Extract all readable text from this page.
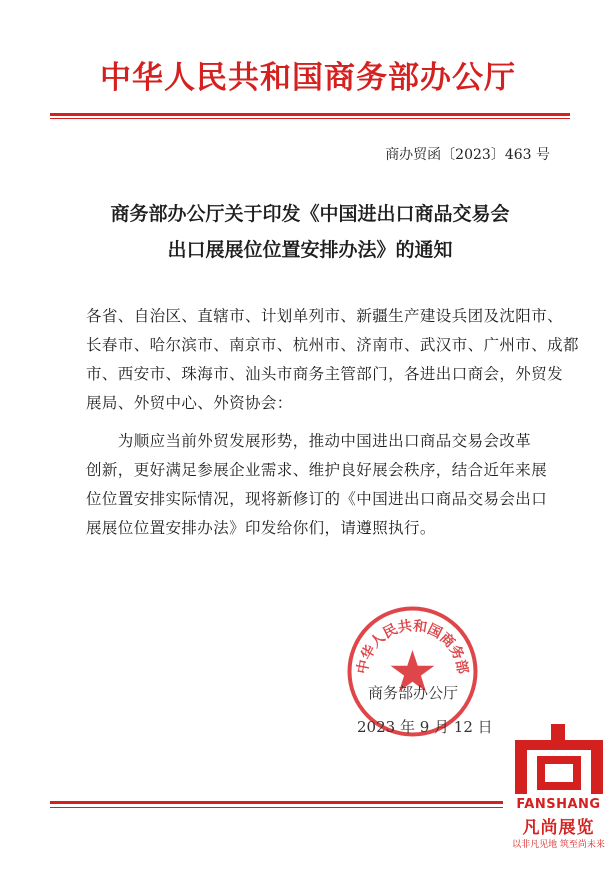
中华人民共和国商务部办公厅
商办贸函〔2023〕463 号
商务部办公厅关于印发《中国进出口商品交易会
出口展展位位置安排办法》的通知
各省、自治区、直辖市、计划单列市、新疆生产建设兵团及沈阳市、
长春市、哈尔滨市、南京市、杭州市、济南市、武汉市、广州市、成都
市、西安市、珠海市、汕头市商务主管部门，各进出口商会，外贸发
展局、外贸中心、外资协会：
　　为顺应当前外贸发展形势，推动中国进出口商品交易会改革
创新，更好满足参展企业需求、维护良好展会秩序，结合近年来展
位位置安排实际情况，现将新修订的《中国进出口商品交易会出口
展展位位置安排办法》印发给你们，请遵照执行。
中华人民共和国商务部
商务部办公厅
2023 年 9 月 12 日
FANSHANG
凡尚展览
以非凡见地 筑至尚未来
